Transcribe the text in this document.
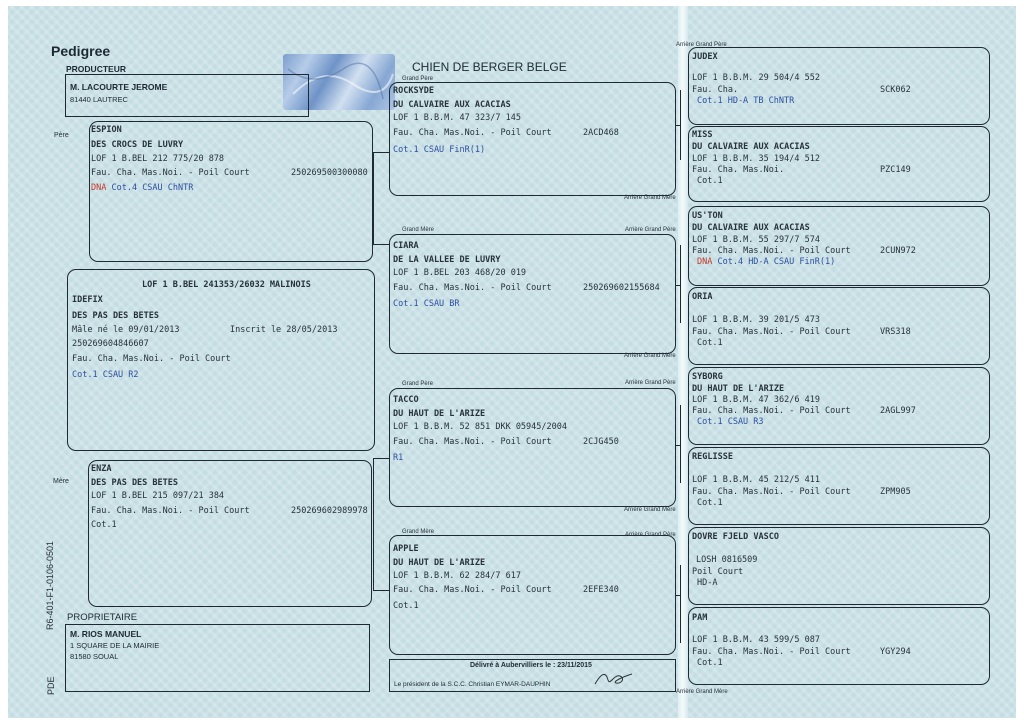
Pedigree
CHIEN DE BERGER BELGE
PRODUCTEUR
M. LACOURTE JEROME
81440 LAUTREC
Père
Mère
R6-401-F1-0106-0501
PDE
ESPION
DES CROCS DE LUVRY
LOF 1 B.BEL 212 775/20 878
Fau. Cha. Mas.Noi. - Poil Court	250269500300080
DNA Cot.4 CSAU ChNTR
LOF 1 B.BEL 241353/26032 MALINOIS
IDEFIX
DES PAS DES BETES
Mâle né le 09/01/2013	Inscrit le 28/05/2013
250269604846607
Fau. Cha. Mas.Noi. - Poil Court
Cot.1 CSAU R2
ENZA
DES PAS DES BETES
LOF 1 B.BEL 215 097/21 384
Fau. Cha. Mas.Noi. - Poil Court	250269602989978
Cot.1
PROPRIETAIRE
M. RIOS MANUEL
1 SQUARE DE LA MAIRIE
81580 SOUAL
Grand Père
ROCKSYDE
DU CALVAIRE AUX ACACIAS
LOF 1 B.B.M. 47 323/7 145
Fau. Cha. Mas.Noi. - Poil Court	2ACD468
Cot.1 CSAU FinR(1)
Grand Mère
CIARA
DE LA VALLEE DE LUVRY
LOF 1 B.BEL 203 468/20 019
Fau. Cha. Mas.Noi. - Poil Court	250269602155684
Cot.1 CSAU BR
Grand Père
TACCO
DU HAUT DE L'ARIZE
LOF 1 B.B.M. 52 851 DKK 05945/2004
Fau. Cha. Mas.Noi. - Poil Court	2CJG450
R1
Grand Mère
APPLE
DU HAUT DE L'ARIZE
LOF 1 B.B.M. 62 284/7 617
Fau. Cha. Mas.Noi. - Poil Court	2EFE340
Cot.1
Délivré à Aubervilliers le : 23/11/2015
Le président de la S.C.C. Christian EYMAR-DAUPHIN
Arrière Grand Père
JUDEX
LOF 1 B.B.M. 29 504/4 552
Fau. Cha.	SCK062
Cot.1 HD-A TB ChNTR
MISS
DU CALVAIRE AUX ACACIAS
LOF 1 B.B.M. 35 194/4 512
Fau. Cha. Mas.Noi.	PZC149
Cot.1
Arrière Grand Mère
Arrière Grand Père
US'TON
DU CALVAIRE AUX ACACIAS
LOF 1 B.B.M. 55 297/7 574
Fau. Cha. Mas.Noi. - Poil Court	2CUN972
DNA Cot.4 HD-A CSAU FinR(1)
ORIA
LOF 1 B.B.M. 39 201/5 473
Fau. Cha. Mas.Noi. - Poil Court	VRS318
Cot.1
Arrière Grand Mère
Arrière Grand Père
SYBORG
DU HAUT DE L'ARIZE
LOF 1 B.B.M. 47 362/6 419
Fau. Cha. Mas.Noi. - Poil Court	2AGL997
Cot.1 CSAU R3
REGLISSE
LOF 1 B.B.M. 45 212/5 411
Fau. Cha. Mas.Noi. - Poil Court	ZPM905
Cot.1
Arrière Grand Mère
Arrière Grand Père DOVRE FJELD VASCO
LOSH 0816509
Poil Court
HD-A
PAM
LOF 1 B.B.M. 43 599/5 087
Fau. Cha. Mas.Noi. - Poil Court	YGY294
Cot.1
Arrière Grand Mère
